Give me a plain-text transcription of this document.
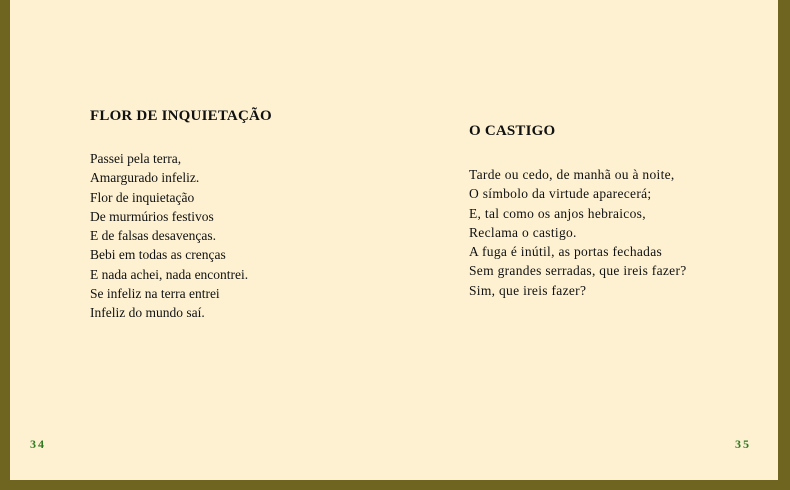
FLOR DE INQUIETAÇÃO
Passei pela terra,
Amargurado infeliz.
Flor de inquietação
De murmúrios festivos
E de falsas desavenças.
Bebi em todas as crenças
E nada achei, nada encontrei.
Se infeliz na terra entrei
Infeliz do mundo saí.
O CASTIGO
Tarde ou cedo, de manhã ou à noite,
O símbolo da virtude aparecerá;
E, tal como os anjos hebraicos,
Reclama o castigo.
A fuga é inútil, as portas fechadas
Sem grandes serradas, que ireis fazer?
Sim, que ireis fazer?
34	35
